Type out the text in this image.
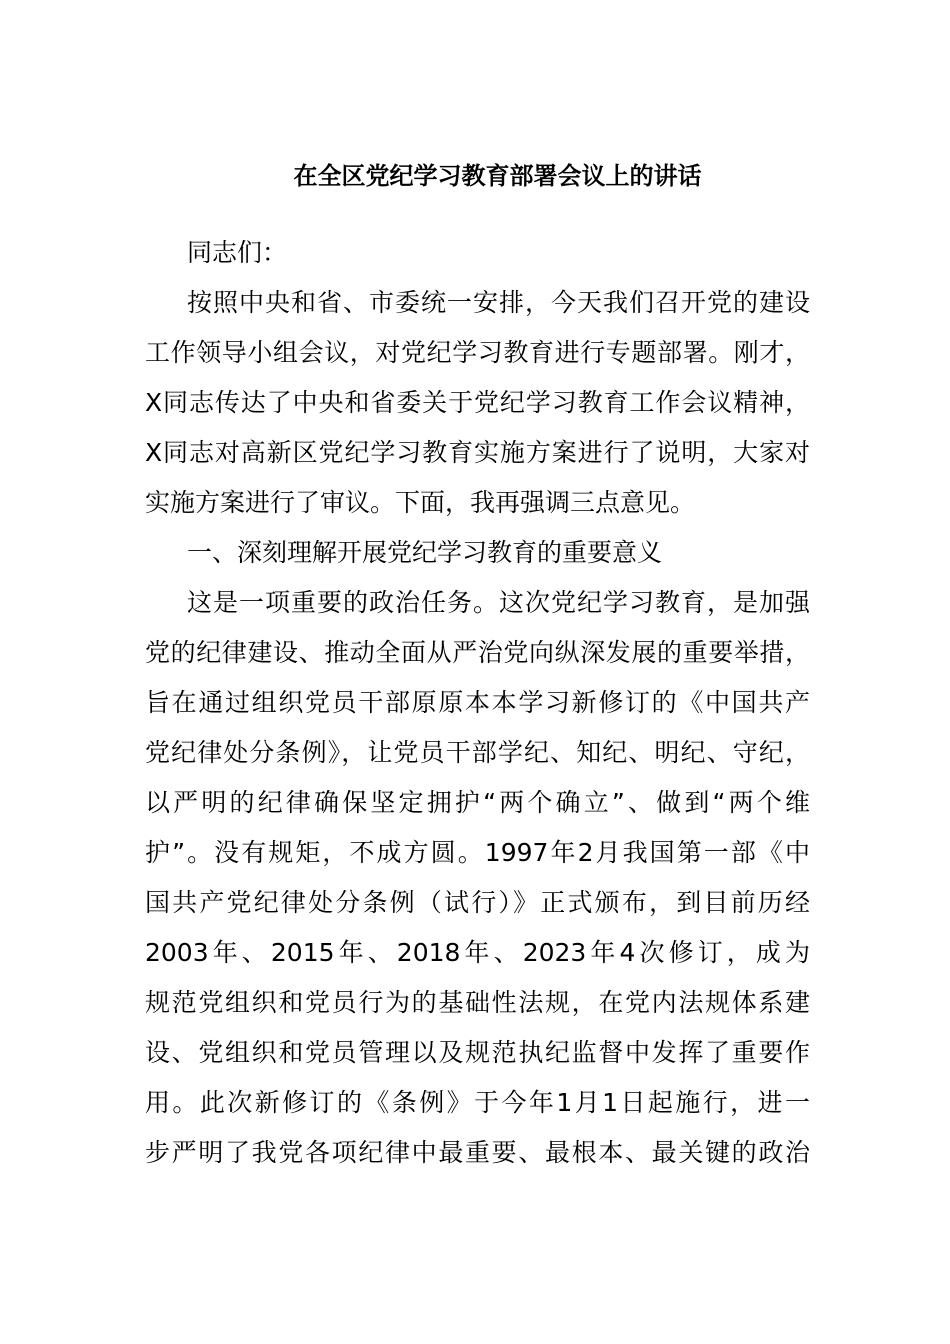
在全区党纪学习教育部署会议上的讲话
同志们：
按照中央和省、市委统一安排，今天我们召开党的建设
工作领导小组会议，对党纪学习教育进行专题部署。刚才，
X同志传达了中央和省委关于党纪学习教育工作会议精神，
X同志对高新区党纪学习教育实施方案进行了说明，大家对
实施方案进行了审议。下面，我再强调三点意见。
一、深刻理解开展党纪学习教育的重要意义
这是一项重要的政治任务。这次党纪学习教育，是加强
党的纪律建设、推动全面从严治党向纵深发展的重要举措，
旨在通过组织党员干部原原本本学习新修订的《中国共产
党纪律处分条例》，让党员干部学纪、知纪、明纪、守纪，
以严明的纪律确保坚定拥护“两个确立”、做到“两个维
护”。没有规矩，不成方圆。1997年2月我国第一部《中
国共产党纪律处分条例（试行）》正式颁布，到目前历经
2003年、2015年、2018年、2023年4次修订，成为
规范党组织和党员行为的基础性法规，在党内法规体系建
设、党组织和党员管理以及规范执纪监督中发挥了重要作
用。此次新修订的《条例》于今年1月1日起施行，进一
步严明了我党各项纪律中最重要、最根本、最关键的政治
